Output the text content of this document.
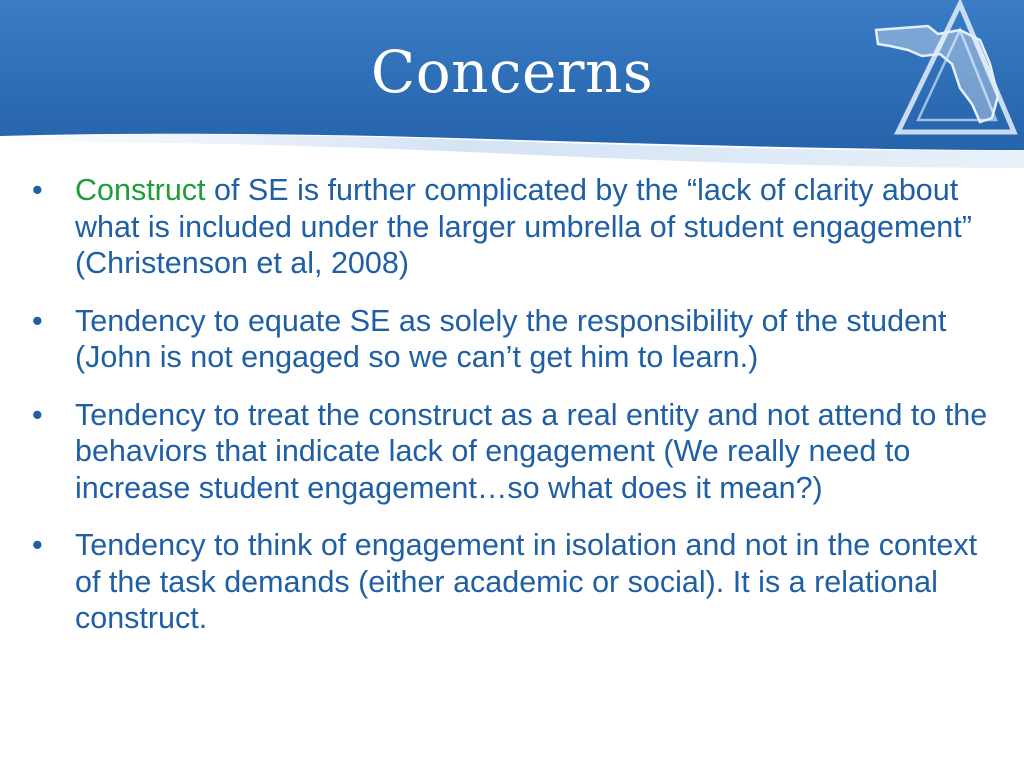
Concerns
• Construct of SE is further complicated by the “lack of clarity about what is included under the larger umbrella of student engagement” (Christenson et al, 2008)
• Tendency to equate SE as solely the responsibility of the student (John is not engaged so we can’t get him to learn.)
• Tendency to treat the construct as a real entity and not attend to the behaviors that indicate lack of engagement (We really need to increase student engagement…so what does it mean?)
• Tendency to think of engagement in isolation and not in the context of the task demands (either academic or social). It is a relational construct.
